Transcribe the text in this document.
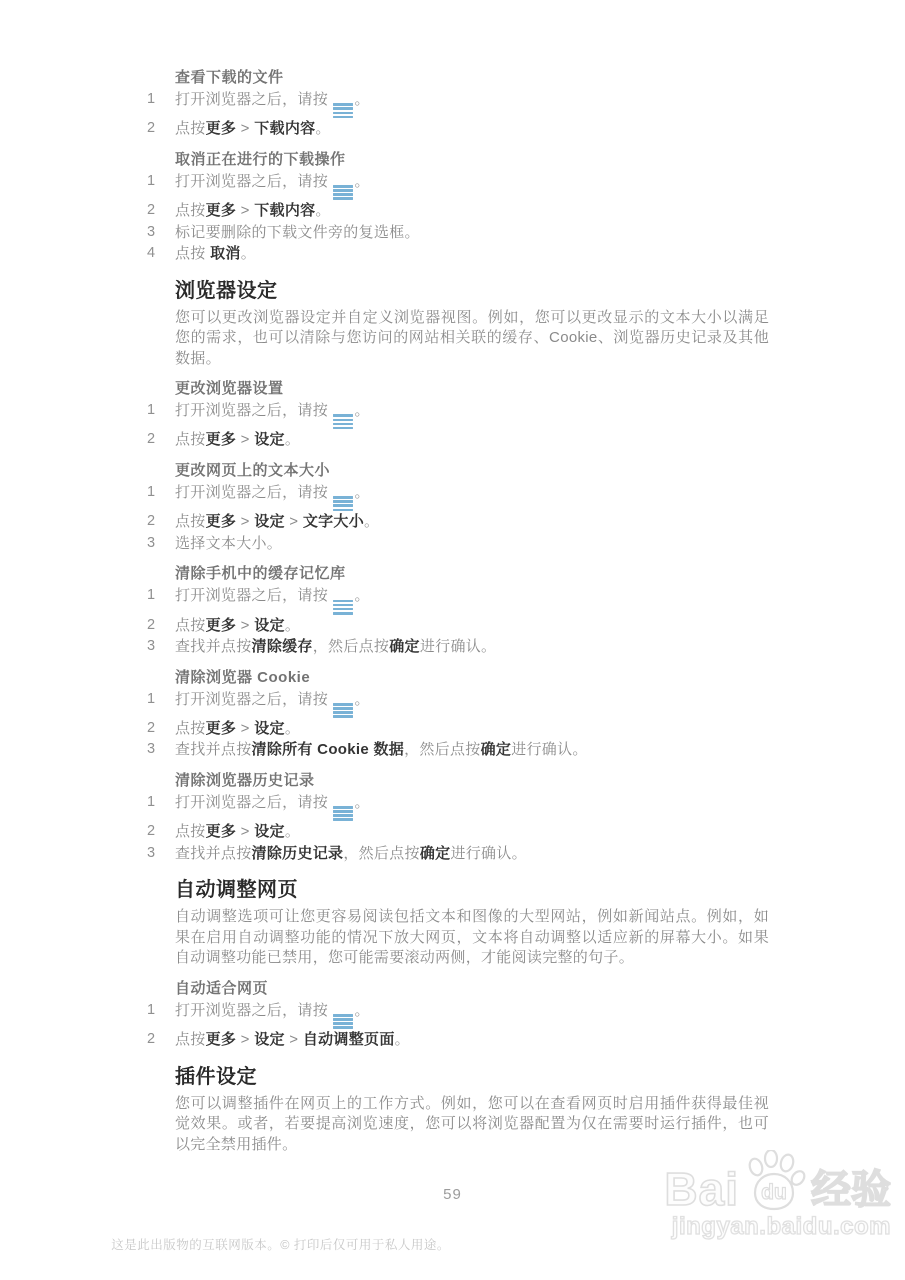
查看下载的文件
1 打开浏览器之后，请按
。
2 点按更多 > 下载内容。
取消正在进行的下载操作
1 打开浏览器之后，请按
。
2 点按更多 > 下载内容。
3 标记要删除的下载文件旁的复选框。
4 点按 取消。
浏览器设定
您可以更改浏览器设定并自定义浏览器视图。例如，您可以更改显示的文本大小以满足您的需求，也可以清除与您访问的网站相关联的缓存、Cookie、浏览器历史记录及其他数据。
更改浏览器设置
1 打开浏览器之后，请按
。
2 点按更多 > 设定。
更改网页上的文本大小
1 打开浏览器之后，请按
。
2 点按更多 > 设定 > 文字大小。
3 选择文本大小。
清除手机中的缓存记忆库
1 打开浏览器之后，请按
。
2 点按更多 > 设定。
3 查找并点按清除缓存，然后点按确定进行确认。
清除浏览器 Cookie
1 打开浏览器之后，请按
。
2 点按更多 > 设定。
3 查找并点按清除所有 Cookie 数据，然后点按确定进行确认。
清除浏览器历史记录
1 打开浏览器之后，请按
。
2 点按更多 > 设定。
3 查找并点按清除历史记录，然后点按确定进行确认。
自动调整网页
自动调整选项可让您更容易阅读包括文本和图像的大型网站，例如新闻站点。例如，如果在启用自动调整功能的情况下放大网页，文本将自动调整以适应新的屏幕大小。如果自动调整功能已禁用，您可能需要滚动两侧，才能阅读完整的句子。
自动适合网页
1 打开浏览器之后，请按
。
2 点按更多 > 设定 > 自动调整页面。
插件设定
您可以调整插件在网页上的工作方式。例如，您可以在查看网页时启用插件获得最佳视觉效果。或者，若要提高浏览速度，您可以将浏览器配置为仅在需要时运行插件，也可以完全禁用插件。
59
这是此出版物的互联网版本。© 打印后仅可用于私人用途。
Bai du 经验
jingyan.baidu.com
